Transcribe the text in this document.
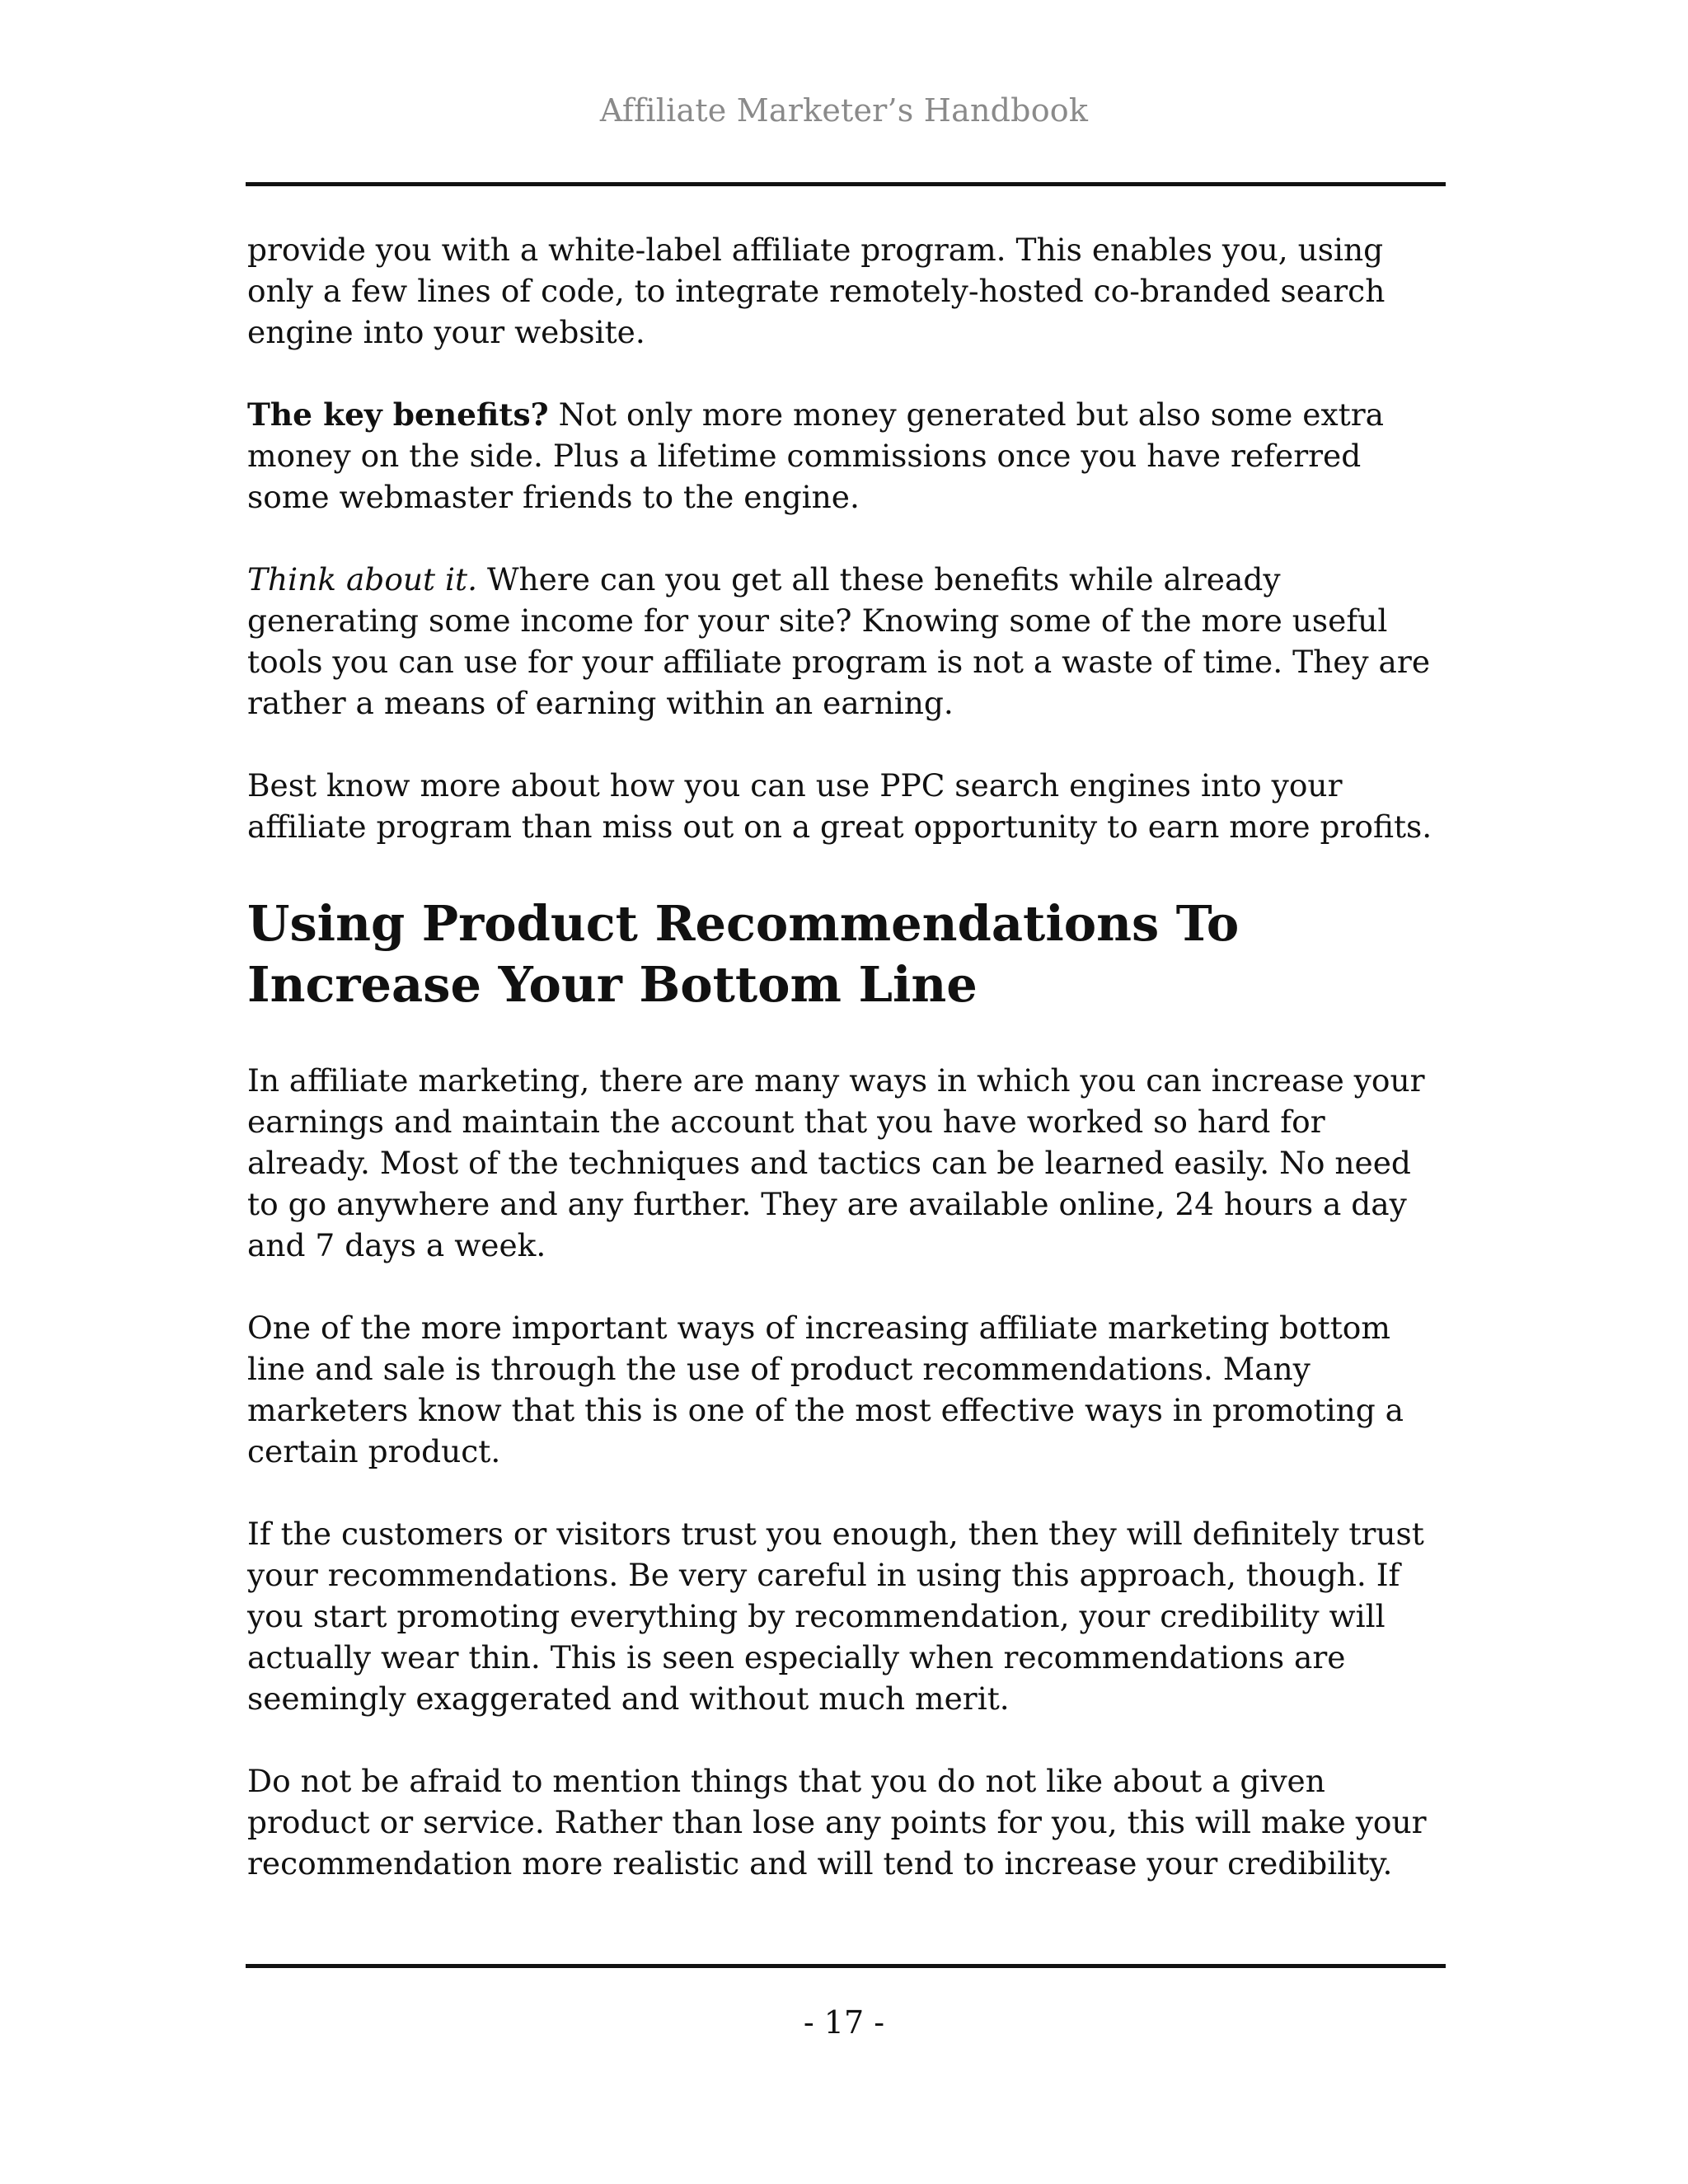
Affiliate Marketer’s Handbook

provide you with a white-label affiliate program. This enables you, using only a few lines of code, to integrate remotely-hosted co-branded search engine into your website.

The key benefits? Not only more money generated but also some extra money on the side. Plus a lifetime commissions once you have referred some webmaster friends to the engine.

Think about it. Where can you get all these benefits while already generating some income for your site? Knowing some of the more useful tools you can use for your affiliate program is not a waste of time. They are rather a means of earning within an earning.

Best know more about how you can use PPC search engines into your affiliate program than miss out on a great opportunity to earn more profits.

Using Product Recommendations To Increase Your Bottom Line

In affiliate marketing, there are many ways in which you can increase your earnings and maintain the account that you have worked so hard for already. Most of the techniques and tactics can be learned easily. No need to go anywhere and any further. They are available online, 24 hours a day and 7 days a week.

One of the more important ways of increasing affiliate marketing bottom line and sale is through the use of product recommendations. Many marketers know that this is one of the most effective ways in promoting a certain product.

If the customers or visitors trust you enough, then they will definitely trust your recommendations. Be very careful in using this approach, though. If you start promoting everything by recommendation, your credibility will actually wear thin. This is seen especially when recommendations are seemingly exaggerated and without much merit.

Do not be afraid to mention things that you do not like about a given product or service. Rather than lose any points for you, this will make your recommendation more realistic and will tend to increase your credibility.

- 17 -
